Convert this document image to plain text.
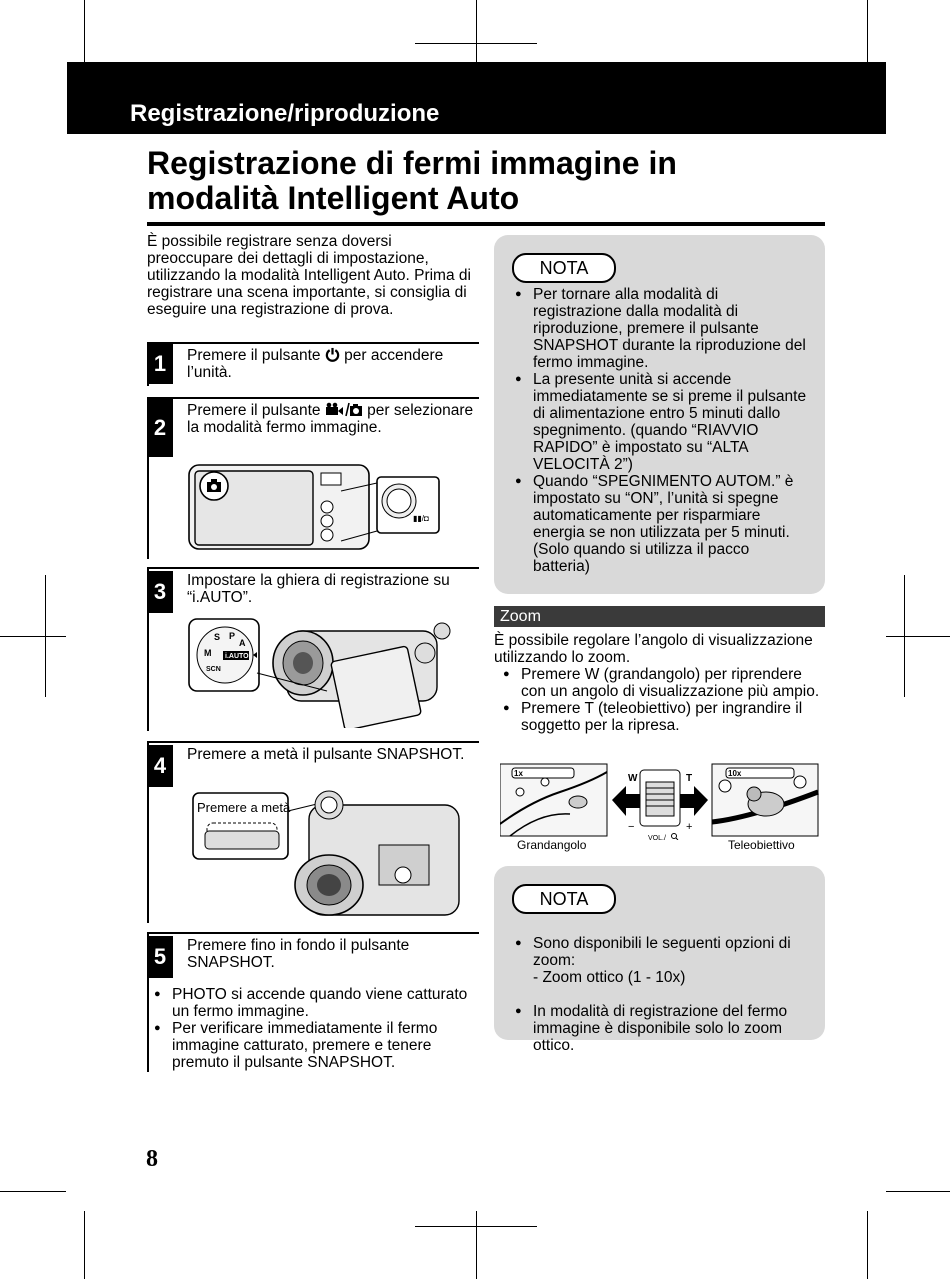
Registrazione/riproduzione
Registrazione di fermi immagine in
modalità Intelligent Auto
È possibile registrare senza doversi preoccupare dei dettagli di impostazione, utilizzando la modalità Intelligent Auto. Prima di registrare una scena importante, si consiglia di eseguire una registrazione di prova.
1	Premere il pulsante  per accendere l’unità.
2
Premere il pulsante  per selezionare la modalità fermo immagine.
▮▮/◘
3	Impostare la ghiera di registrazione su “i.AUTO”.
P
A
S
M
SCN
i.AUTO
4	Premere a metà il pulsante SNAPSHOT.
Premere a metà
5	Premere fino in fondo il pulsante SNAPSHOT.
● PHOTO si accende quando viene catturato un fermo immagine.
● Per verificare immediatamente il fermo immagine catturato, premere e tenere premuto il pulsante SNAPSHOT.
NOTA
● Per tornare alla modalità di registrazione dalla modalità di riproduzione, premere il pulsante SNAPSHOT durante la riproduzione del fermo immagine.
● La presente unità si accende immediatamente se si preme il pulsante di alimentazione entro 5 minuti dallo spegnimento. (quando “RIAVVIO RAPIDO” è impostato su “ALTA VELOCITÀ 2”)
● Quando “SPEGNIMENTO AUTOM.” è impostato su “ON”, l’unità si spegne automaticamente per risparmiare energia se non utilizzata per 5 minuti. (Solo quando si utilizza il pacco batteria)
Zoom
È possibile regolare l’angolo di visualizzazione utilizzando lo zoom.
● Premere W (grandangolo) per riprendere con un angolo di visualizzazione più ampio.
● Premere T (teleobiettivo) per ingrandire il soggetto per la ripresa.
1x	W	T
−	+
VOL./
10x
Grandangolo	Teleobiettivo
NOTA

● Sono disponibili le seguenti opzioni di zoom:
- Zoom ottico (1 - 10x)

● In modalità di registrazione del fermo immagine è disponibile solo lo zoom ottico.

8
